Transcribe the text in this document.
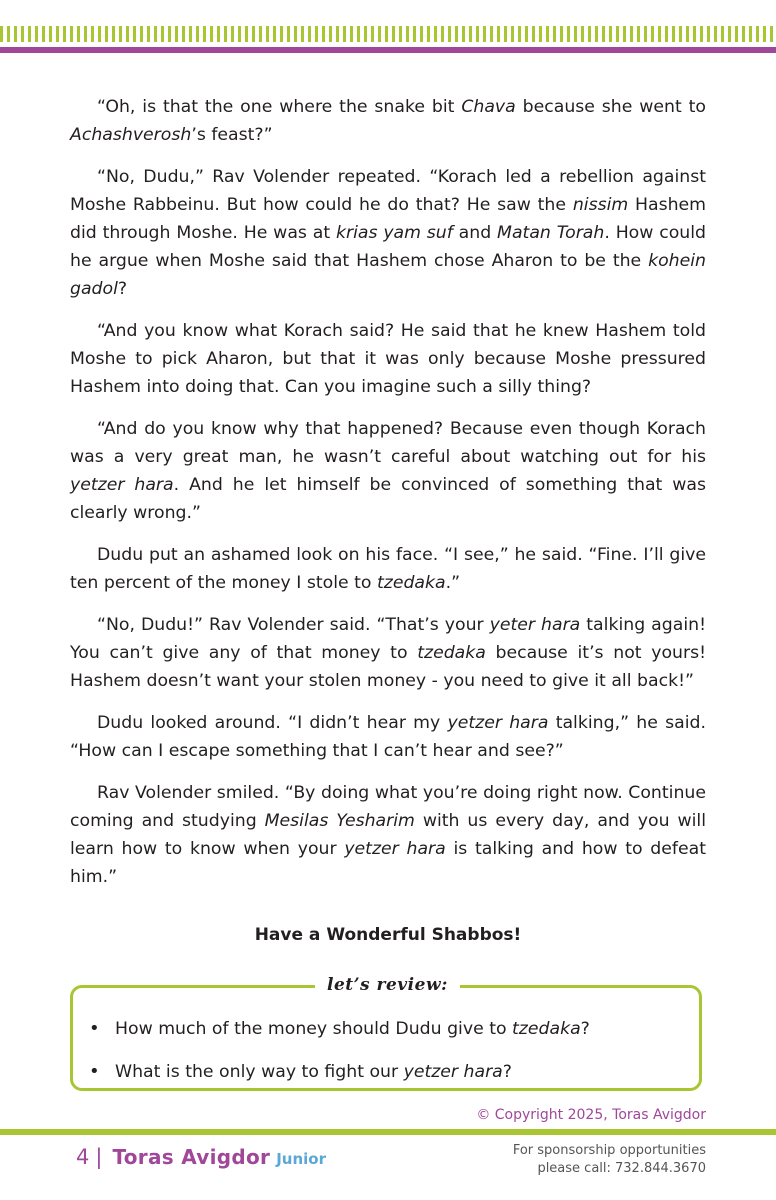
“Oh, is that the one where the snake bit Chava because she went to Achashverosh’s feast?”

“No, Dudu,” Rav Volender repeated. “Korach led a rebellion against Moshe Rabbeinu. But how could he do that? He saw the nissim Hashem did through Moshe. He was at krias yam suf and Matan Torah. How could he argue when Moshe said that Hashem chose Aharon to be the kohein gadol?

“And you know what Korach said? He said that he knew Hashem told Moshe to pick Aharon, but that it was only because Moshe pressured Hashem into doing that. Can you imagine such a silly thing?

“And do you know why that happened? Because even though Korach was a very great man, he wasn’t careful about watching out for his yetzer hara. And he let himself be convinced of something that was clearly wrong.”

Dudu put an ashamed look on his face. “I see,” he said. “Fine. I’ll give ten percent of the money I stole to tzedaka.”

“No, Dudu!” Rav Volender said. “That’s your yeter hara talking again! You can’t give any of that money to tzedaka because it’s not yours! Hashem doesn’t want your stolen money - you need to give it all back!”

Dudu looked around. “I didn’t hear my yetzer hara talking,” he said. “How can I escape something that I can’t hear and see?”

Rav Volender smiled. “By doing what you’re doing right now. Continue coming and studying Mesilas Yesharim with us every day, and you will learn how to know when your yetzer hara is talking and how to defeat him.”

Have a Wonderful Shabbos!
let’s review:
• How much of the money should Dudu give to tzedaka?
• What is the only way to fight our yetzer hara?
© Copyright 2025, Toras Avigdor
4 | Toras Avigdor Junior	For sponsorship opportunities
please call: 732.844.3670
